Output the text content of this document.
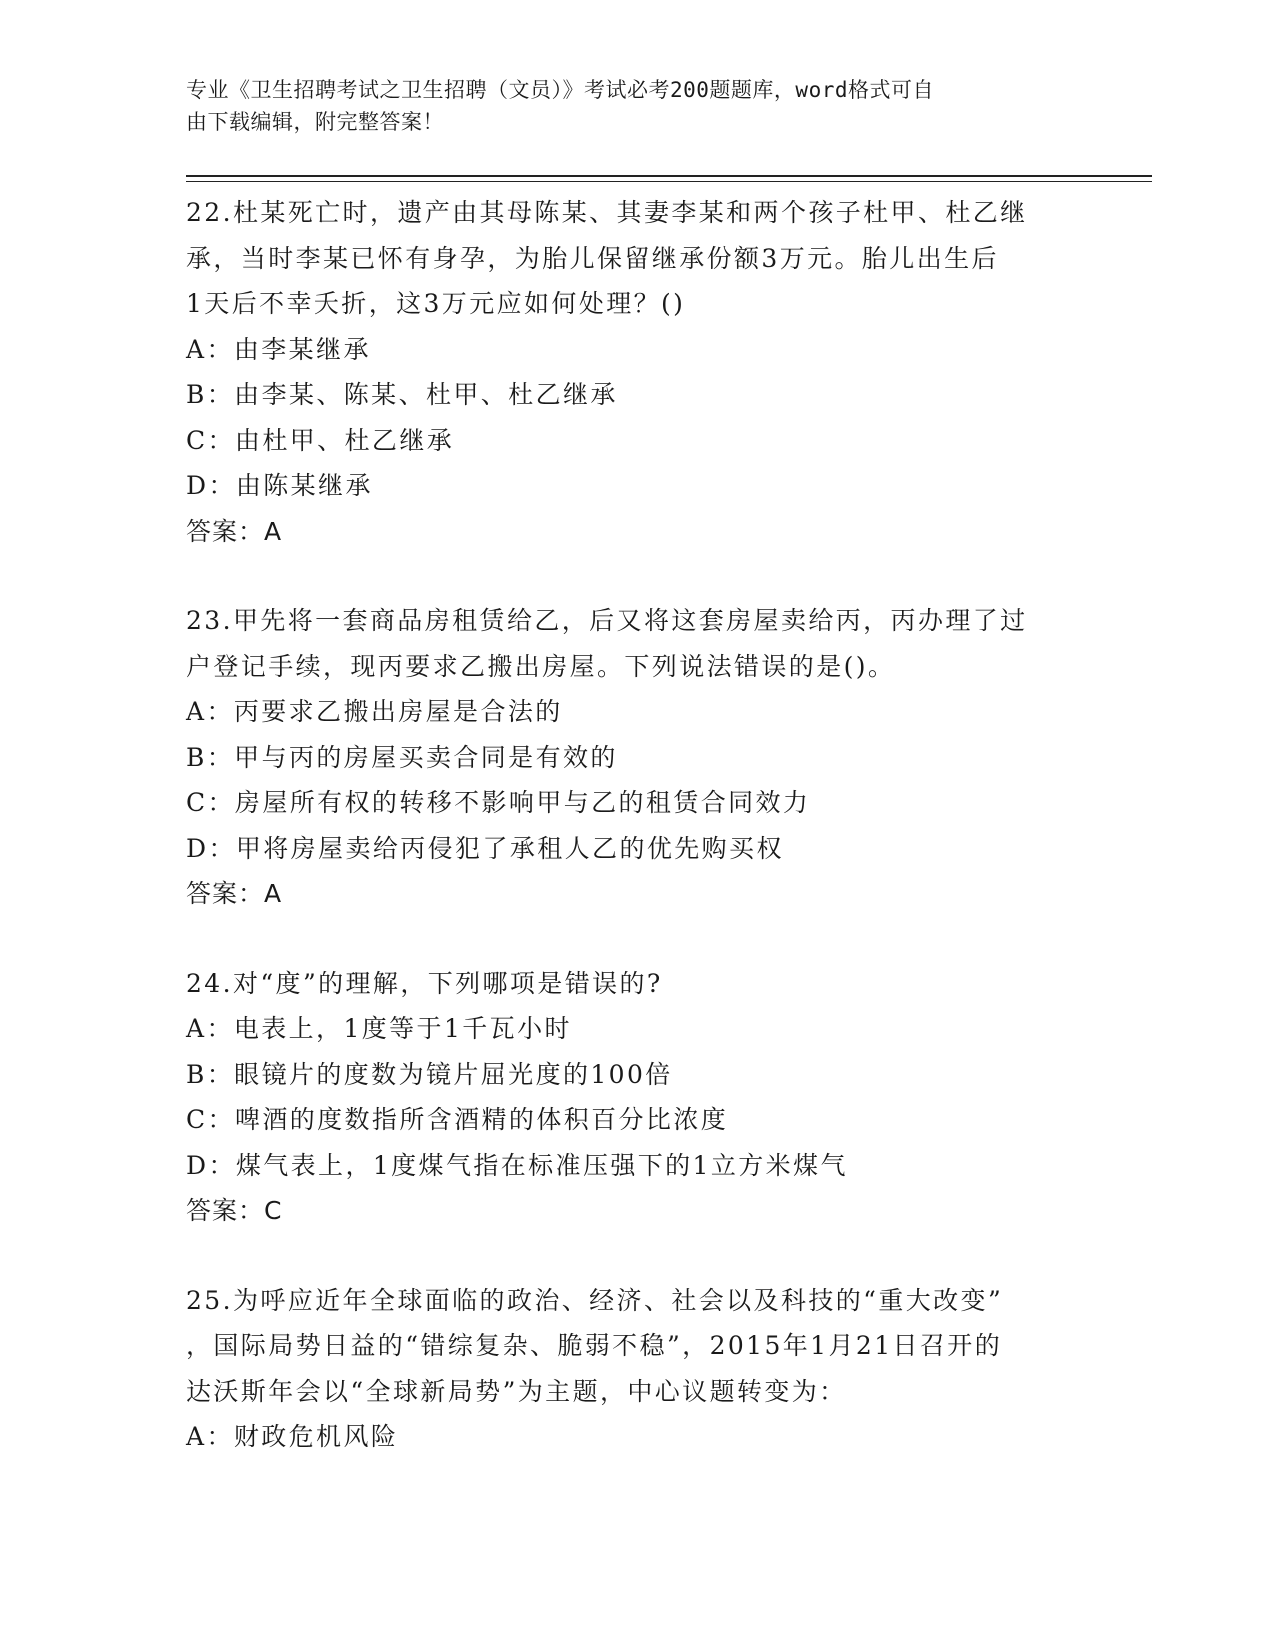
专业《卫生招聘考试之卫生招聘（文员）》考试必考200题题库，word格式可自
由下载编辑，附完整答案！
22.杜某死亡时，遗产由其母陈某、其妻李某和两个孩子杜甲、杜乙继
承，当时李某已怀有身孕，为胎儿保留继承份额3万元。胎儿出生后
1天后不幸夭折，这3万元应如何处理？()
A：由李某继承
B：由李某、陈某、杜甲、杜乙继承
C：由杜甲、杜乙继承
D：由陈某继承
答案：A
23.甲先将一套商品房租赁给乙，后又将这套房屋卖给丙，丙办理了过
户登记手续，现丙要求乙搬出房屋。下列说法错误的是()。
A：丙要求乙搬出房屋是合法的
B：甲与丙的房屋买卖合同是有效的
C：房屋所有权的转移不影响甲与乙的租赁合同效力
D：甲将房屋卖给丙侵犯了承租人乙的优先购买权
答案：A
24.对“度”的理解，下列哪项是错误的?
A：电表上，1度等于1千瓦小时
B：眼镜片的度数为镜片屈光度的100倍
C：啤酒的度数指所含酒精的体积百分比浓度
D：煤气表上，1度煤气指在标准压强下的1立方米煤气
答案：C
25.为呼应近年全球面临的政治、经济、社会以及科技的“重大改变”
，国际局势日益的“错综复杂、脆弱不稳”，2015年1月21日召开的
达沃斯年会以“全球新局势”为主题，中心议题转变为：
A：财政危机风险
